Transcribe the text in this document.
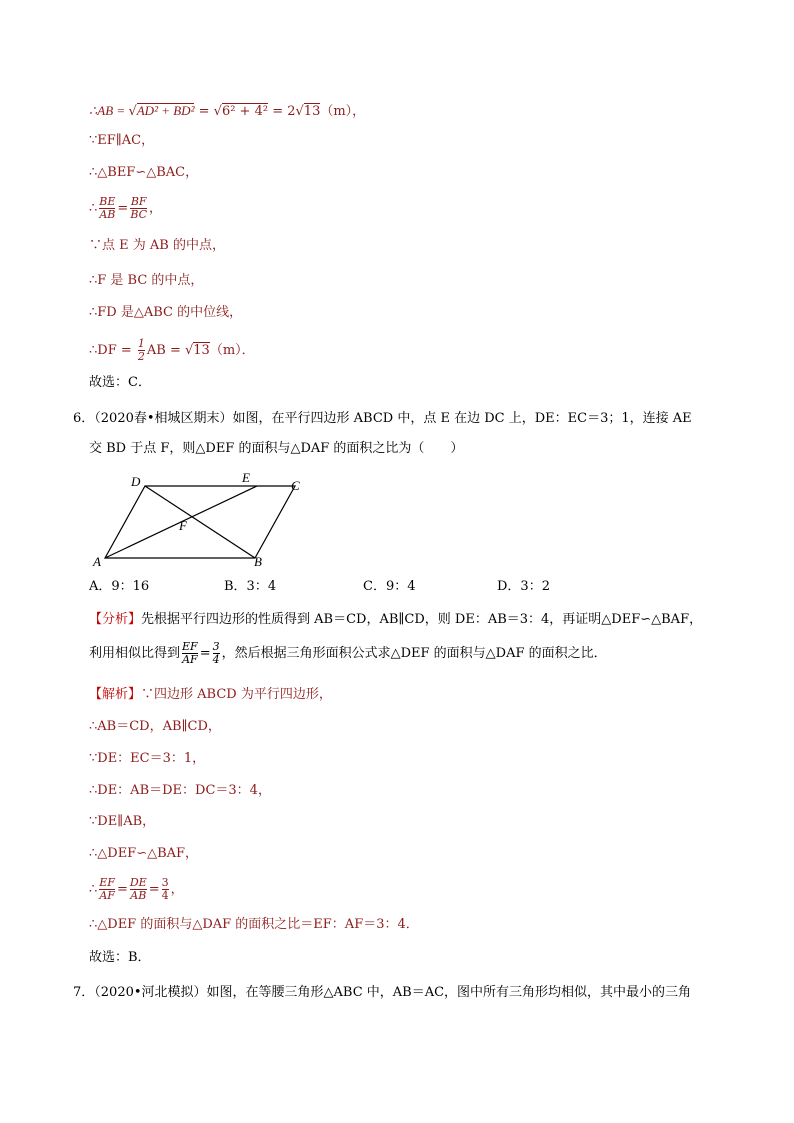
∴AB = √AD² + BD² = √6² + 4² = 2√13（m），
∵EF∥AC，
∴△BEF∽△BAC，
∴ $\frac{BE}{AB} = \frac{BF}{BC}$ ，
∵点 E 为 AB 的中点，
∴F 是 BC 的中点，
∴FD 是△ABC 的中位线，
∴DF = $\frac{1}{2}$ AB = √13（m）．
故选：C．
6．（2020春•相城区期末）如图，在平行四边形 ABCD 中，点 E 在边 DC 上，DE：EC＝3；1，连接 AE
交 BD 于点 F，则△DEF 的面积与△DAF 的面积之比为（　　）
A	B
C
D	E
F
A．9：16	B．3：4	C．9：4	D．3：2
【分析】先根据平行四边形的性质得到 AB＝CD，AB∥CD，则 DE：AB＝3：4，再证明△DEF∽△BAF，
利用相似比得到 $\frac{EF}{AF} = \frac{3}{4}$ ，然后根据三角形面积公式求△DEF 的面积与△DAF 的面积之比．
【解析】∵四边形 ABCD 为平行四边形，
∴AB＝CD，AB∥CD，
∵DE：EC＝3：1，
∴DE：AB＝DE：DC＝3：4，
∵DE∥AB，
∴△DEF∽△BAF，
∴ $\frac{EF}{AF} = \frac{DE}{AB} = \frac{3}{4}$ ，
∴△DEF 的面积与△DAF 的面积之比＝EF：AF＝3：4．
故选：B．
7．（2020•河北模拟）如图，在等腰三角形△ABC 中，AB＝AC，图中所有三角形均相似，其中最小的三角
